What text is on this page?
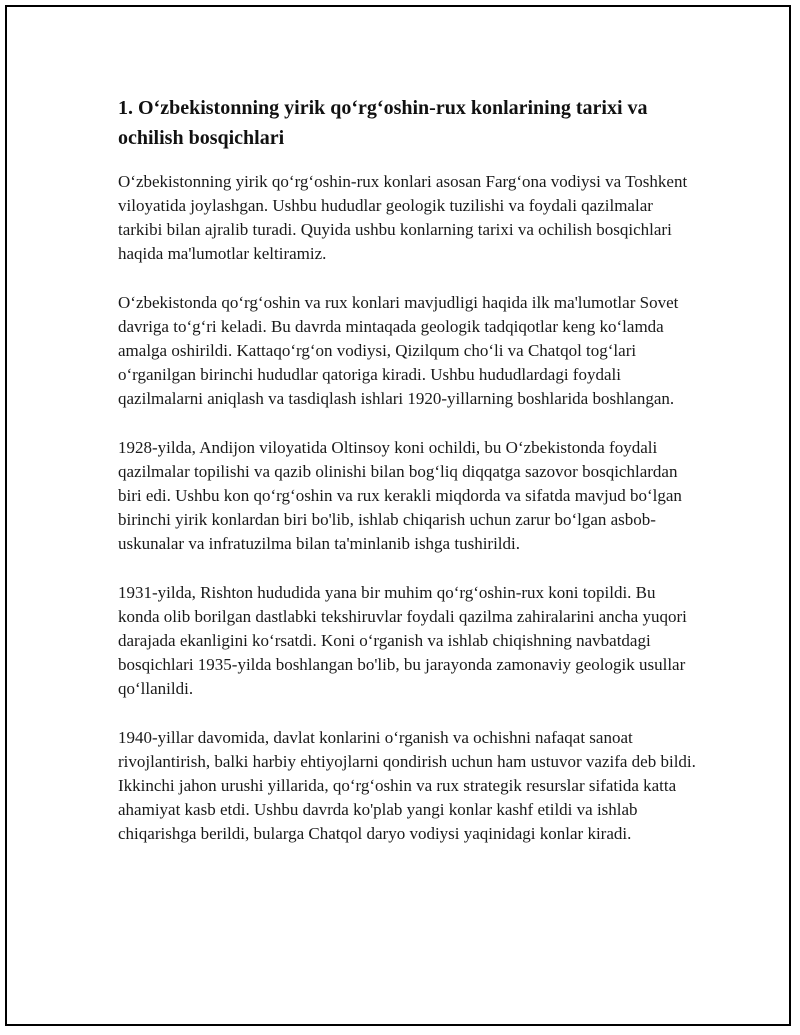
1. O‘zbekistonning yirik qo‘rg‘oshin-rux konlarining tarixi va ochilish bosqichlari

O‘zbekistonning yirik qo‘rg‘oshin-rux konlari asosan Farg‘ona vodiysi va Toshkent viloyatida joylashgan. Ushbu hududlar geologik tuzilishi va foydali qazilmalar tarkibi bilan ajralib turadi. Quyida ushbu konlarning tarixi va ochilish bosqichlari haqida ma'lumotlar keltiramiz.

O‘zbekistonda qo‘rg‘oshin va rux konlari mavjudligi haqida ilk ma'lumotlar Sovet davriga to‘g‘ri keladi. Bu davrda mintaqada geologik tadqiqotlar keng ko‘lamda amalga oshirildi. Kattaqo‘rg‘on vodiysi, Qizilqum cho‘li va Chatqol tog‘lari o‘rganilgan birinchi hududlar qatoriga kiradi. Ushbu hududlardagi foydali qazilmalarni aniqlash va tasdiqlash ishlari 1920-yillarning boshlarida boshlangan.

1928-yilda, Andijon viloyatida Oltinsoy koni ochildi, bu O‘zbekistonda foydali qazilmalar topilishi va qazib olinishi bilan bog‘liq diqqatga sazovor bosqichlardan biri edi. Ushbu kon qo‘rg‘oshin va rux kerakli miqdorda va sifatda mavjud bo‘lgan birinchi yirik konlardan biri bo'lib, ishlab chiqarish uchun zarur bo‘lgan asbob-uskunalar va infratuzilma bilan ta'minlanib ishga tushirildi.

1931-yilda, Rishton hududida yana bir muhim qo‘rg‘oshin-rux koni topildi. Bu konda olib borilgan dastlabki tekshiruvlar foydali qazilma zahiralarini ancha yuqori darajada ekanligini ko‘rsatdi. Koni o‘rganish va ishlab chiqishning navbatdagi bosqichlari 1935-yilda boshlangan bo'lib, bu jarayonda zamonaviy geologik usullar qo‘llanildi.

1940-yillar davomida, davlat konlarini o‘rganish va ochishni nafaqat sanoat rivojlantirish, balki harbiy ehtiyojlarni qondirish uchun ham ustuvor vazifa deb bildi. Ikkinchi jahon urushi yillarida, qo‘rg‘oshin va rux strategik resurslar sifatida katta ahamiyat kasb etdi. Ushbu davrda ko'plab yangi konlar kashf etildi va ishlab chiqarishga berildi, bularga Chatqol daryo vodiysi yaqinidagi konlar kiradi.
